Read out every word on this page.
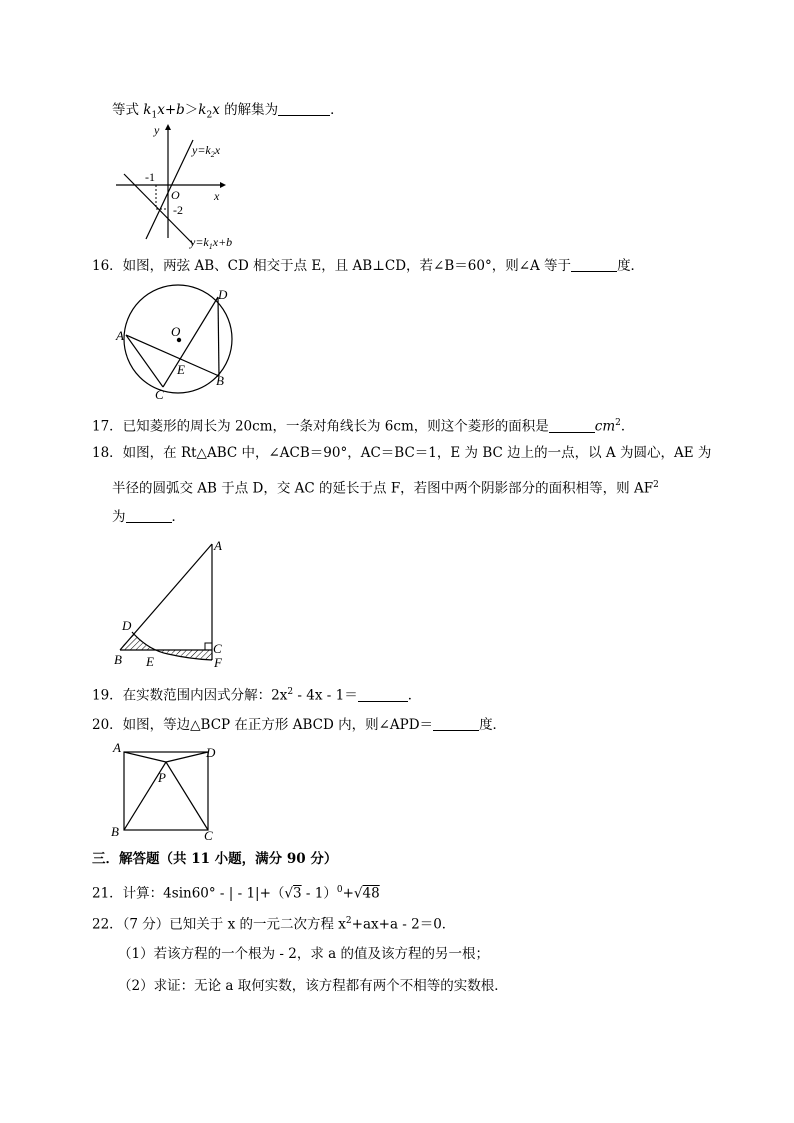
等式 $k_1x+b>k_2x$ 的解集为	．
y
x
O
-1
-2
$y=k_2x$
$y=k_1x+b$
16．如图，两弦 AB、CD 相交于点 E，且 AB⊥CD，若∠B＝60°，则∠A 等于	度．
O
A
B
C
D
E
17．已知菱形的周长为 20cm，一条对角线长为 6cm，则这个菱形的面积是	$cm^2$．
18．如图，在 Rt△ABC 中，∠ACB＝90°，AC＝BC＝1，E 为 BC 边上的一点，以 A 为圆心，AE 为
半径的圆弧交 AB 于点 D，交 AC 的延长于点 F，若图中两个阴影部分的面积相等，则 $AF^2$
为	．
A
B
C
D
E	F
19．在实数范围内因式分解：$2x^2 - 4x - 1=$	．
20．如图，等边△BCP 在正方形 ABCD 内，则∠APD＝	度．
A
B	C
D
P
三．解答题（共 11 小题，满分 90 分）
21．计算：4sin60° - | - 1|+（√3 - 1）$^0$+√48
22．（7 分）已知关于 x 的一元二次方程 $x^2+ax+a - 2=0$．
（1）若该方程的一个根为 - 2，求 a 的值及该方程的另一根；
（2）求证：无论 a 取何实数，该方程都有两个不相等的实数根．
